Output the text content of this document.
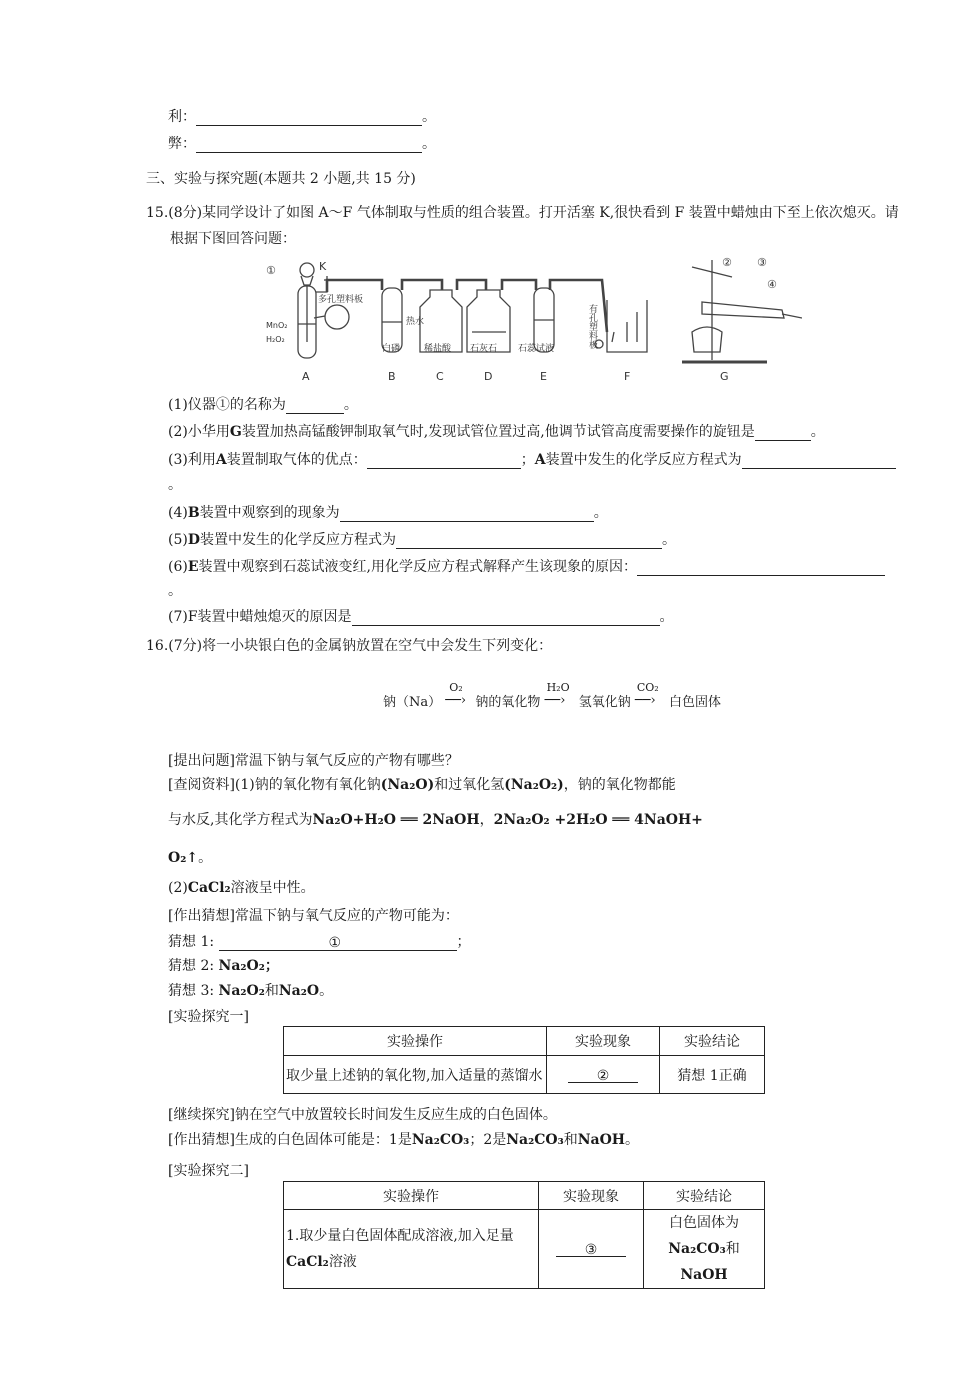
利：	。
弊：	。
三、实验与探究题(本题共 2 小题,共 15 分)
15.(8分)某同学设计了如图 A～F 气体制取与性质的组合装置。打开活塞 K,很快看到 F 装置中蜡烛由下至上依次熄灭。请
根据下图回答问题：
①	K
多孔塑料板
MnO₂
H₂O₂
热水
白磷	稀盐酸 石灰石 石蕊试液	有孔塑料板
② ③
④
A	B	C	D	E	F	G
(1)仪器①的名称为	。
(2)小华用G装置加热高锰酸钾制取氧气时,发现试管位置过高,他调节试管高度需要操作的旋钮是	。
(3)利用A装置制取气体的优点：	；A装置中发生的化学反应方程式为
。
(4)B装置中观察到的现象为	。
(5)D装置中发生的化学反应方程式为	。
(6)E装置中观察到石蕊试液变红,用化学反应方程式解释产生该现象的原因：
。
(7)F装置中蜡烛熄灭的原因是	。
16.(7分)将一小块银白色的金属钠放置在空气中会发生下列变化：
钠（Na）
O₂
──› 钠的氧化物
H₂O
──› 氢氧化钠
CO₂
──› 白色固体
[提出问题]常温下钠与氧气反应的产物有哪些？
[查阅资料](1)钠的氧化物有氧化钠(Na₂O)和过氧化氢(Na₂O₂)，钠的氧化物都能
与水反,其化学方程式为Na₂O+H₂O ══ 2NaOH，2Na₂O₂ +2H₂O ══ 4NaOH+
O₂↑。
(2)CaCl₂溶液呈中性。
[作出猜想]常温下钠与氧气反应的产物可能为：
猜想 1:	①	；
猜想 2: Na₂O₂；
猜想 3: Na₂O₂和Na₂O。
[实验探究一]
实验操作	实验现象	实验结论
取少量上述钠的氧化物,加入适量的蒸馏水	②	猜想 1正确
[继续探究]钠在空气中放置较长时间发生反应生成的白色固体。
[作出猜想]生成的白色固体可能是：1是Na₂CO₃；2是Na₂CO₃和NaOH。
[实验探究二]
实验操作	实验现象	实验结论
1.取少量白色固体配成溶液,加入足量
CaCl₂溶液	③	白色固体为
Na₂CO₃和NaOH
